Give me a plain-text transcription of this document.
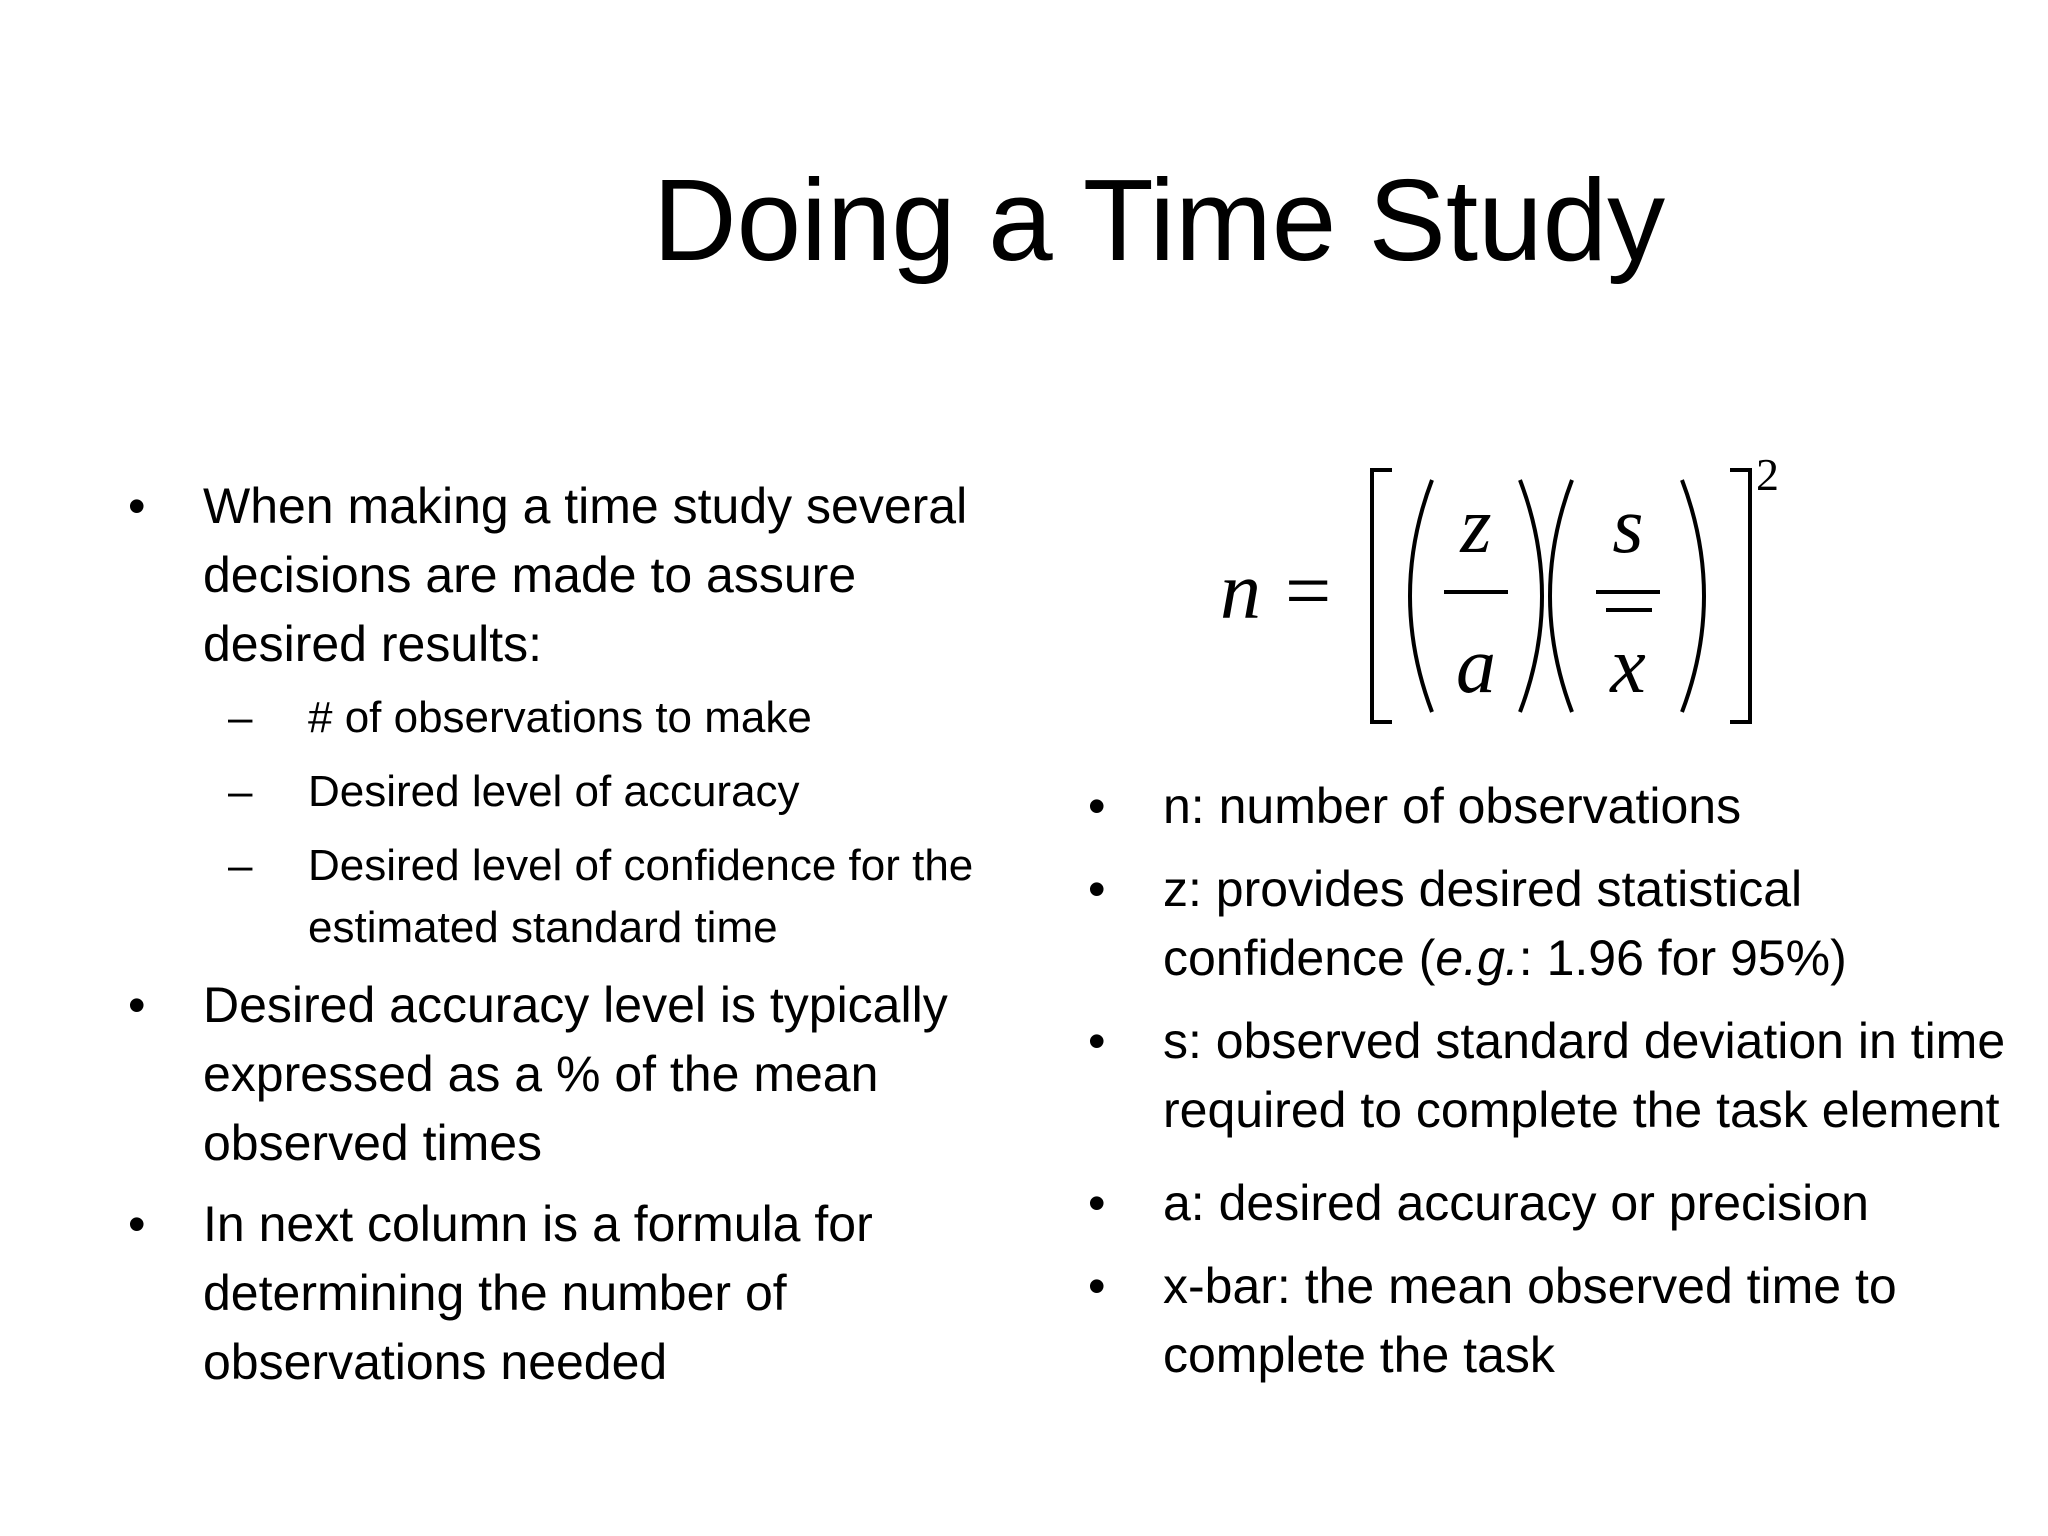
Doing a Time Study
• When making a time study several decisions are made to assure desired results:
– # of observations to make
– Desired level of accuracy
– Desired level of confidence for the estimated standard time
• Desired accuracy level is typically expressed as a % of the mean observed times
• In next column is a formula for determining the number of observations needed
n =
z
a
s
x
2
• n: number of observations
• z: provides desired statistical confidence (e.g.: 1.96 for 95%)
• s: observed standard deviation in time required to complete the task element
• a: desired accuracy or precision
• x-bar: the mean observed time to complete the task
